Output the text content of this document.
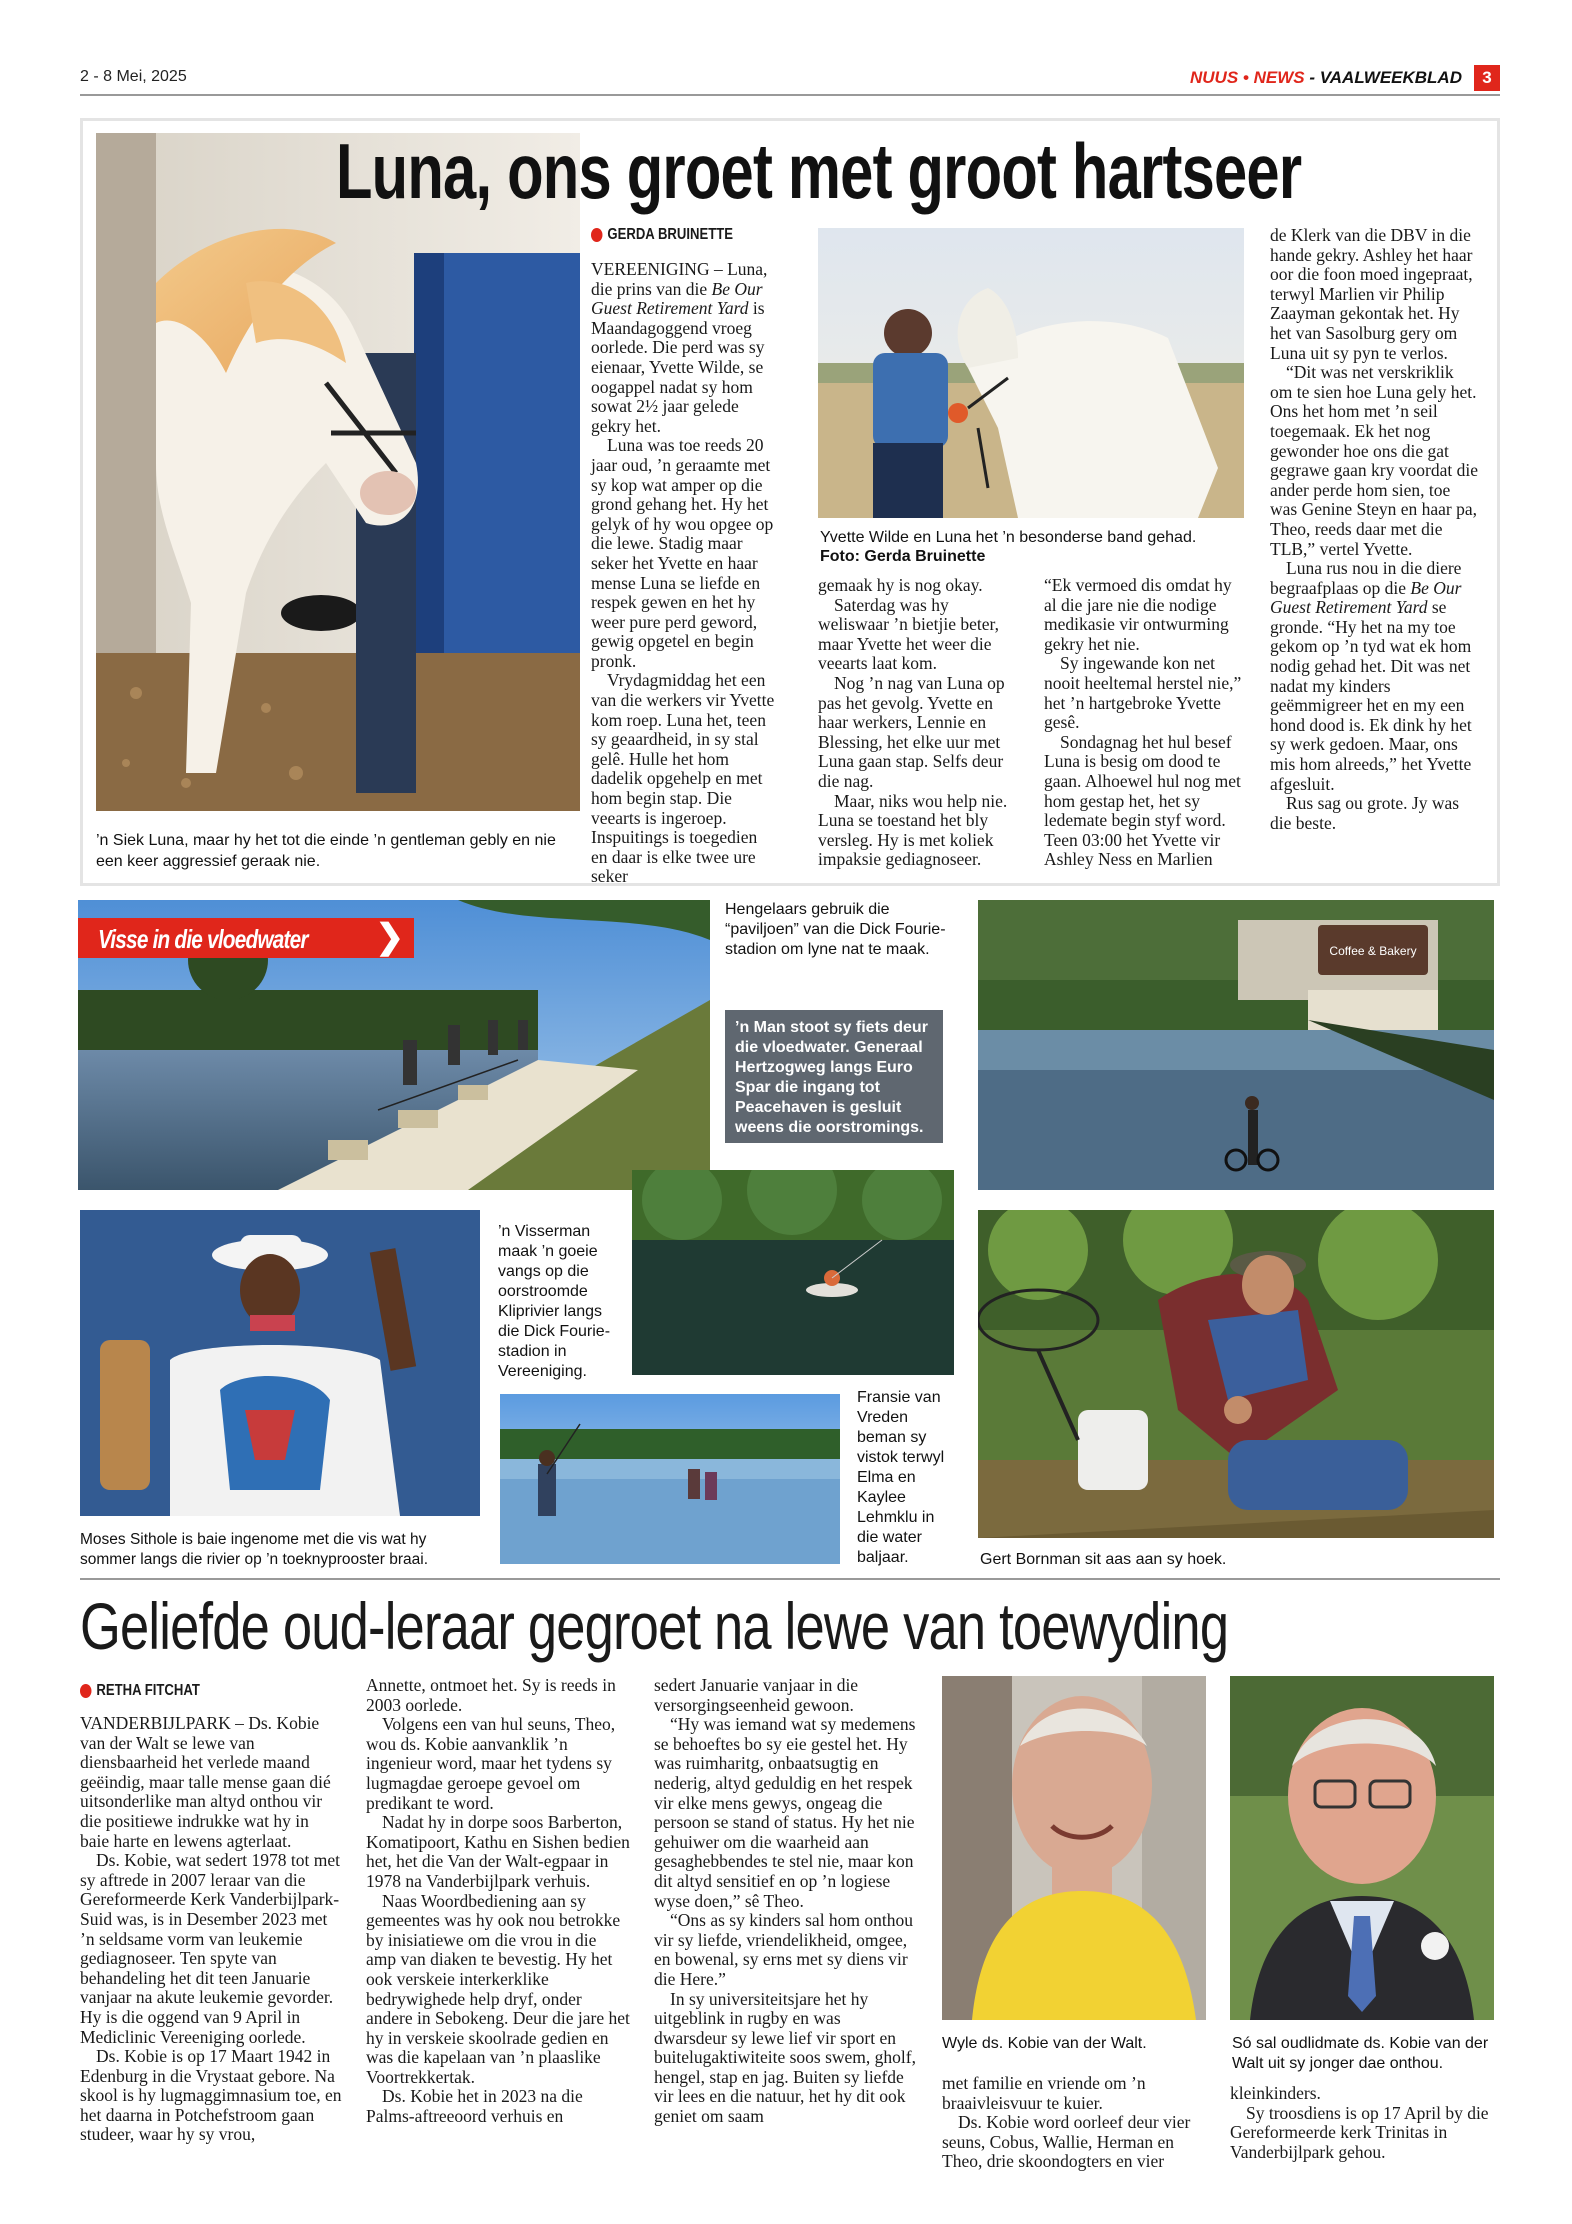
2 - 8 Mei, 2025	NUUS • NEWS - VAALWEEKBLAD	3
’n Siek Luna, maar hy het tot die einde ’n gentleman gebly en nie een keer aggressief geraak nie.
Luna, ons groet met groot hartseer
GERDA BRUINETTE

VEREENIGING – Luna, die prins van die Be Our Guest Retirement Yard is Maandagoggend vroeg oorlede. Die perd was sy eienaar, Yvette Wilde, se oogappel nadat sy hom sowat 2½ jaar gelede gekry het.

Luna was toe reeds 20 jaar oud, ’n geraamte met sy kop wat amper op die grond gehang het. Hy het gelyk of hy wou opgee op die lewe. Stadig maar seker het Yvette en haar mense Luna se liefde en respek gewen en het hy weer pure perd geword, gewig opgetel en begin pronk.

Vrydagmiddag het een van die werkers vir Yvette kom roep. Luna het, teen sy geaardheid, in sy stal gelê. Hulle het hom dadelik opgehelp en met hom begin stap. Die veearts is ingeroep. Inspuitings is toegedien en daar is elke twee ure seker

Yvette Wilde en Luna het ’n besonderse band gehad.
Foto: Gerda Bruinette

gemaak hy is nog okay.

Saterdag was hy weliswaar ’n bietjie beter, maar Yvette het weer die veearts laat kom.

Nog ’n nag van Luna op pas het gevolg. Yvette en haar werkers, Lennie en Blessing, het elke uur met Luna gaan stap. Selfs deur die nag.

Maar, niks wou help nie. Luna se toestand het bly versleg. Hy is met koliek impaksie gediagnoseer.

“Ek vermoed dis omdat hy al die jare nie die nodige medikasie vir ontwurming gekry het nie.

Sy ingewande kon net nooit heeltemal herstel nie,” het ’n hartgebroke Yvette gesê.

Sondagnag het hul besef Luna is besig om dood te gaan. Alhoewel hul nog met hom gestap het, het sy ledemate begin styf word. Teen 03:00 het Yvette vir Ashley Ness en Marlien

de Klerk van die DBV in die hande gekry. Ashley het haar oor die foon moed ingepraat, terwyl Marlien vir Philip Zaayman gekontak het. Hy het van Sasolburg gery om Luna uit sy pyn te verlos.

“Dit was net verskriklik om te sien hoe Luna gely het. Ons het hom met ’n seil toegemaak. Ek het nog gewonder hoe ons die gat gegrawe gaan kry voordat die ander perde hom sien, toe was Genine Steyn en haar pa, Theo, reeds daar met die TLB,” vertel Yvette.

Luna rus nou in die diere begraafplaas op die Be Our Guest Retirement Yard se gronde. “Hy het na my toe gekom op ’n tyd wat ek hom nodig gehad het. Dit was net nadat my kinders geëmmigreer het en my een hond dood is. Ek dink hy het sy werk gedoen. Maar, ons mis hom alreeds,” het Yvette afgesluit.

Rus sag ou grote. Jy was die beste.

Visse in die vloedwater ❯
Hengelaars gebruik die “paviljoen” van die Dick Fourie-stadion om lyne nat te maak.
’n Man stoot sy fiets deur die vloedwater. Generaal Hertzogweg langs Euro Spar die ingang tot Peacehaven is gesluit weens die oorstromings.
Coffee & Bakery
Moses Sithole is baie ingenome met die vis wat hy sommer langs die rivier op ’n toeknyprooster braai.
’n Visserman maak ’n goeie vangs op die oorstroomde Kliprivier langs die Dick Fourie-stadion in Vereeniging.
Fransie van Vreden beman sy vistok terwyl Elma en Kaylee Lehmklu in die water baljaar.	Gert Bornman sit aas aan sy hoek.
Geliefde oud-leraar gegroet na lewe van toewyding
RETHA FITCHAT

VANDERBIJLPARK – Ds. Kobie van der Walt se lewe van diensbaarheid het verlede maand geëindig, maar talle mense gaan dié uitsonderlike man altyd onthou vir die positiewe indrukke wat hy in baie harte en lewens agterlaat.

Ds. Kobie, wat sedert 1978 tot met sy aftrede in 2007 leraar van die Gereformeerde Kerk Vanderbijlpark-Suid was, is in Desember 2023 met ’n seldsame vorm van leukemie gediagnoseer. Ten spyte van behandeling het dit teen Januarie vanjaar na akute leukemie gevorder. Hy is die oggend van 9 April in Mediclinic Vereeniging oorlede.

Ds. Kobie is op 17 Maart 1942 in Edenburg in die Vrystaat gebore. Na skool is hy lugmaggimnasium toe, en het daarna in Potchefstroom gaan studeer, waar hy sy vrou,

Annette, ontmoet het. Sy is reeds in 2003 oorlede.

Volgens een van hul seuns, Theo, wou ds. Kobie aanvanklik ’n ingenieur word, maar het tydens sy lugmagdae geroepe gevoel om predikant te word.

Nadat hy in dorpe soos Barberton, Komatipoort, Kathu en Sishen bedien het, het die Van der Walt-egpaar in 1978 na Vanderbijlpark verhuis.

Naas Woordbediening aan sy gemeentes was hy ook nou betrokke by inisiatiewe om die vrou in die amp van diaken te bevestig. Hy het ook verskeie interkerklike bedrywighede help dryf, onder andere in Sebokeng. Deur die jare het hy in verskeie skoolrade gedien en was die kapelaan van ’n plaaslike Voortrekkertak.

Ds. Kobie het in 2023 na die Palms-aftreeoord verhuis en

sedert Januarie vanjaar in die versorgingseenheid gewoon.

“Hy was iemand wat sy medemens se behoeftes bo sy eie gestel het. Hy was ruimharitg, onbaatsugtig en nederig, altyd geduldig en het respek vir elke mens gewys, ongeag die persoon se stand of status. Hy het nie gehuiwer om die waarheid aan gesaghebbendes te stel nie, maar kon dit altyd sensitief en op ’n logiese wyse doen,” sê Theo.

“Ons as sy kinders sal hom onthou vir sy liefde, vriendelikheid, omgee, en bowenal, sy erns met sy diens vir die Here.”

In sy universiteitsjare het hy uitgeblink in rugby en was dwarsdeur sy lewe lief vir sport en buitelugaktiwiteite soos swem, gholf, hengel, stap en jag. Buiten sy liefde vir lees en die natuur, het hy dit ook geniet om saam

Wyle ds. Kobie van der Walt.	Só sal oudlidmate ds. Kobie van der Walt uit sy jonger dae onthou.

met familie en vriende om ’n braaivleisvuur te kuier.

Ds. Kobie word oorleef deur vier seuns, Cobus, Wallie, Herman en Theo, drie skoondogters en vier

kleinkinders.

Sy troosdiens is op 17 April by die Gereformeerde kerk Trinitas in Vanderbijlpark gehou.
